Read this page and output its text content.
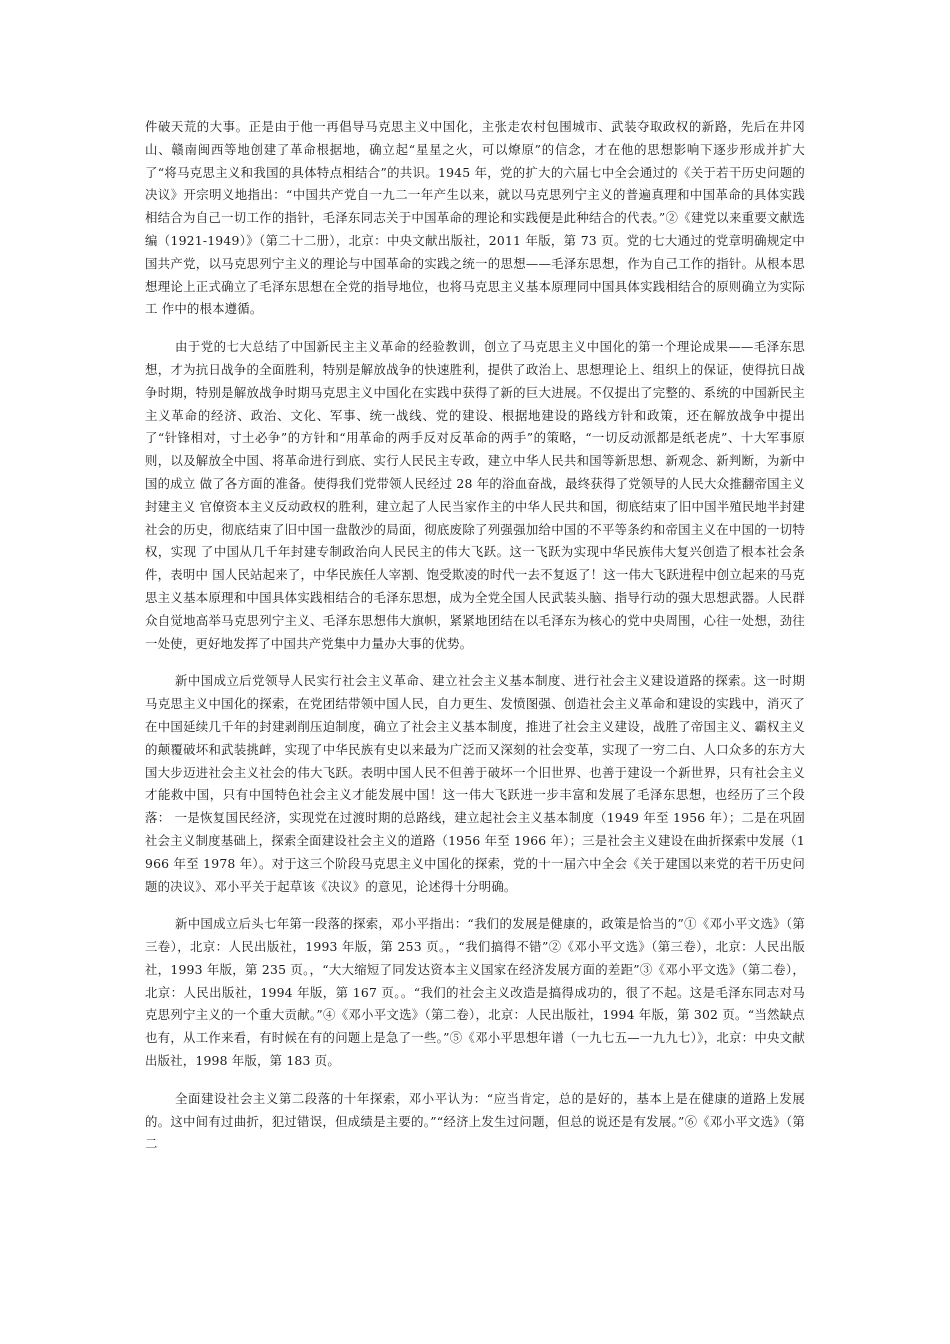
件破天荒的大事。正是由于他一再倡导马克思主义中国化，主张走农村包围城市、武装夺取政权的新路，先后在井冈山、赣南闽西等地创建了革命根据地，确立起“星星之火，可以燎原”的信念，才在他的思想影响下逐步形成并扩大了“将马克思主义和我国的具体特点相结合”的共识。1945 年，党的扩大的六届七中全会通过的《关于若干历史问题的决议》开宗明义地指出：“中国共产党自一九二一年产生以来，就以马克思列宁主义的普遍真理和中国革命的具体实践相结合为自己一切工作的指针，毛泽东同志关于中国革命的理论和实践便是此种结合的代表。”②《建党以来重要文献选编（1921-1949）》（第二十二册），北京：中央文献出版社，2011 年版，第 73 页。党的七大通过的党章明确规定中国共产党，以马克思列宁主义的理论与中国革命的实践之统一的思想——毛泽东思想，作为自己工作的指针。从根本思想理论上正式确立了毛泽东思想在全党的指导地位，也将马克思主义基本原理同中国具体实践相结合的原则确立为实际工 作中的根本遵循。

由于党的七大总结了中国新民主主义革命的经验教训，创立了马克思主义中国化的第一个理论成果——毛泽东思想，才为抗日战争的全面胜利，特别是解放战争的快速胜利，提供了政治上、思想理论上、组织上的保证，使得抗日战 争时期，特别是解放战争时期马克思主义中国化在实践中获得了新的巨大进展。不仅提出了完整的、系统的中国新民主主义革命的经济、政治、文化、军事、统一战线、党的建设、根据地建设的路线方针和政策，还在解放战争中提出了“针锋相对，寸土必争”的方针和“用革命的两手反对反革命的两手”的策略，“一切反动派都是纸老虎”、十大军事原则，以及解放全中国、将革命进行到底、实行人民民主专政，建立中华人民共和国等新思想、新观念、新判断，为新中国的成立 做了各方面的准备。使得我们党带领人民经过 28 年的浴血奋战，最终获得了党领导的人民大众推翻帝国主义封建主义 官僚资本主义反动政权的胜利，建立起了人民当家作主的中华人民共和国，彻底结束了旧中国半殖民地半封建社会的历史，彻底结束了旧中国一盘散沙的局面，彻底废除了列强强加给中国的不平等条约和帝国主义在中国的一切特权，实现 了中国从几千年封建专制政治向人民民主的伟大飞跃。这一飞跃为实现中华民族伟大复兴创造了根本社会条件，表明中 国人民站起来了，中华民族任人宰割、饱受欺凌的时代一去不复返了！这一伟大飞跃进程中创立起来的马克思主义基本原理和中国具体实践相结合的毛泽东思想，成为全党全国人民武装头脑、指导行动的强大思想武器。人民群众自觉地高举马克思列宁主义、毛泽东思想伟大旗帜，紧紧地团结在以毛泽东为核心的党中央周围，心往一处想，劲往一处使，更好地发挥了中国共产党集中力量办大事的优势。

新中国成立后党领导人民实行社会主义革命、建立社会主义基本制度、进行社会主义建设道路的探索。这一时期 马克思主义中国化的探索，在党团结带领中国人民，自力更生、发愤图强、创造社会主义革命和建设的实践中，消灭了在中国延续几千年的封建剥削压迫制度，确立了社会主义基本制度，推进了社会主义建设，战胜了帝国主义、霸权主义的颠覆破坏和武装挑衅，实现了中华民族有史以来最为广泛而又深刻的社会变革，实现了一穷二白、人口众多的东方大国大步迈进社会主义社会的伟大飞跃。表明中国人民不但善于破坏一个旧世界、也善于建设一个新世界，只有社会主义才能救中国，只有中国特色社会主义才能发展中国！这一伟大飞跃进一步丰富和发展了毛泽东思想，也经历了三个段落： 一是恢复国民经济，实现党在过渡时期的总路线，建立起社会主义基本制度（1949 年至 1956 年）；二是在巩固社会主义制度基础上，探索全面建设社会主义的道路（1956 年至 1966 年）；三是社会主义建设在曲折探索中发展（1966 年至 1978 年）。对于这三个阶段马克思主义中国化的探索，党的十一届六中全会《关于建国以来党的若干历史问题的决议》、邓小平关于起草该《决议》的意见，论述得十分明确。

新中国成立后头七年第一段落的探索，邓小平指出：“我们的发展是健康的，政策是恰当的”①《邓小平文选》（第三卷），北京：人民出版社，1993 年版，第 253 页。，“我们搞得不错”②《邓小平文选》（第三卷），北京：人民出版社，1993 年版，第 235 页。，“大大缩短了同发达资本主义国家在经济发展方面的差距”③《邓小平文选》（第二卷）， 北京：人民出版社，1994 年版，第 167 页。。“我们的社会主义改造是搞得成功的，很了不起。这是毛泽东同志对马 克思列宁主义的一个重大贡献。”④《邓小平文选》（第二卷），北京：人民出版社，1994 年版，第 302 页。“当然缺点也有，从工作来看，有时候在有的问题上是急了一些。”⑤《邓小平思想年谱（一九七五—一九九七）》，北京：中央文献出版社，1998 年版，第 183 页。

全面建设社会主义第二段落的十年探索，邓小平认为：“应当肯定，总的是好的，基本上是在健康的道路上发展的。这中间有过曲折，犯过错误，但成绩是主要的。”“经济上发生过问题，但总的说还是有发展。”⑥《邓小平文选》（第二
